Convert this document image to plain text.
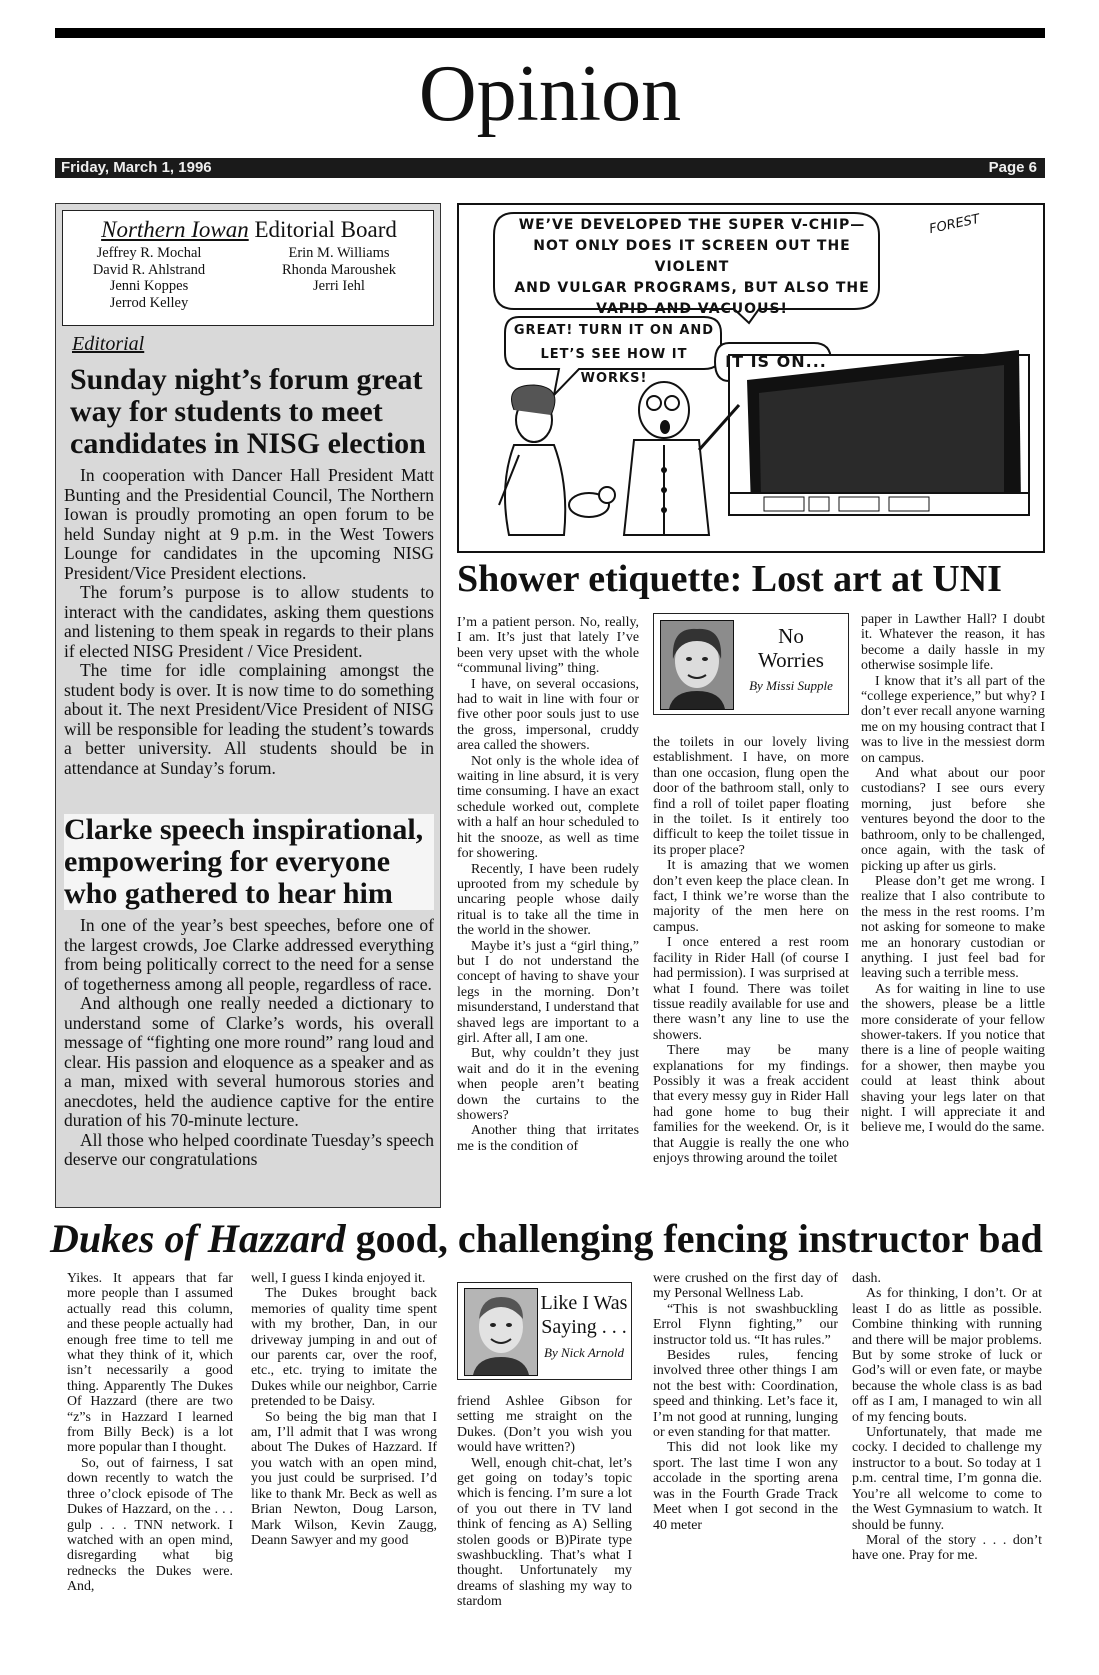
Opinion
Friday, March 1, 1996	Page 6
Northern Iowan Editorial Board
Jeffrey R. Mochal
David R. Ahlstrand
Jenni Koppes
Jerrod Kelley
Erin M. Williams
Rhonda Maroushek
Jerri Iehl
Editorial
Sunday night’s forum great way for students to meet candidates in NISG election

In cooperation with Dancer Hall President Matt Bunting and the Presidential Council, The Northern Iowan is proudly promoting an open forum to be held Sunday night at 9 p.m. in the West Towers Lounge for candidates in the upcoming NISG President/Vice President elections.

The forum’s purpose is to allow students to interact with the candidates, asking them questions and listening to them speak in regards to their plans if elected NISG President / Vice President.

The time for idle complaining amongst the student body is over. It is now time to do something about it. The next President/Vice President of NISG will be responsible for leading the student’s towards a better university. All students should be in attendance at Sunday’s forum.

Clarke speech inspirational, empowering for everyone who gathered to hear him

In one of the year’s best speeches, before one of the largest crowds, Joe Clarke addressed everything from being politically correct to the need for a sense of togetherness among all people, regardless of race.

And although one really needed a dictionary to understand some of Clarke’s words, his overall message of “fighting one more round” rang loud and clear. His passion and eloquence as a speaker and as a man, mixed with several humorous stories and anecdotes, held the audience captive for the entire duration of his 70-minute lecture.

All those who helped coordinate Tuesday’s speech deserve our congratulations

WE’VE DEVELOPED THE SUPER V-CHIP—
NOT ONLY DOES IT SCREEN OUT THE VIOLENT
AND VULGAR PROGRAMS, BUT ALSO THE
VAPID AND VACUOUS!
GREAT! TURN IT ON AND
LET’S SEE HOW IT WORKS!
IT IS ON...
FOREST
Shower etiquette: Lost art at UNI

I’m a patient person. No, really, I am. It’s just that lately I’ve been very upset with the whole “communal living” thing.

I have, on several occasions, had to wait in line with four or five other poor souls just to use the gross, impersonal, cruddy area called the showers.

Not only is the whole idea of waiting in line absurd, it is very time consuming. I have an exact schedule worked out, complete with a half an hour scheduled to hit the snooze, as well as time for showering.

Recently, I have been rudely uprooted from my schedule by uncaring people whose daily ritual is to take all the time in the world in the shower.

Maybe it’s just a “girl thing,” but I do not understand the concept of having to shave your legs in the morning. Don’t misunderstand, I understand that shaved legs are important to a girl. After all, I am one.

But, why couldn’t they just wait and do it in the evening when people aren’t beating down the curtains to the showers?

Another thing that irritates me is the condition of

No
Worries
By Missi Supple

the toilets in our lovely living establishment. I have, on more than one occasion, flung open the door of the bathroom stall, only to find a roll of toilet paper floating in the toilet. Is it entirely too difficult to keep the toilet tissue in its proper place?

It is amazing that we women don’t even keep the place clean. In fact, I think we’re worse than the majority of the men here on campus.

I once entered a rest room facility in Rider Hall (of course I had permission). I was surprised at what I found. There was toilet tissue readily available for use and there wasn’t any line to use the showers.

There may be many explanations for my findings. Possibly it was a freak accident that every messy guy in Rider Hall had gone home to bug their families for the weekend. Or, is it that Auggie is really the one who enjoys throwing around the toilet

paper in Lawther Hall? I doubt it. Whatever the reason, it has become a daily hassle in my otherwise sosimple life.

I know that it’s all part of the “college experience,” but why? I don’t ever recall anyone warning me on my housing contract that I was to live in the messiest dorm on campus.

And what about our poor custodians? I see ours every morning, just before she ventures beyond the door to the bathroom, only to be challenged, once again, with the task of picking up after us girls.

Please don’t get me wrong. I realize that I also contribute to the mess in the rest rooms. I’m not asking for someone to make me an honorary custodian or anything. I just feel bad for leaving such a terrible mess.

As for waiting in line to use the showers, please be a little more considerate of your fellow shower-takers. If you notice that there is a line of people waiting for a shower, then maybe you could at least think about shaving your legs later on that night. I will appreciate it and believe me, I would do the same.

Dukes of Hazzard good, challenging fencing instructor bad

Yikes. It appears that far more people than I assumed actually read this column, and these people actually had enough free time to tell me what they think of it, which isn’t necessarily a good thing. Apparently The Dukes Of Hazzard (there are two “z”s in Hazzard I learned from Billy Beck) is a lot more popular than I thought.

So, out of fairness, I sat down recently to watch the three o’clock episode of The Dukes of Hazzard, on the . . . gulp . . . TNN network. I watched with an open mind, disregarding what big rednecks the Dukes were. And,

well, I guess I kinda enjoyed it.

The Dukes brought back memories of quality time spent with my brother, Dan, in our driveway jumping in and out of our parents car, over the roof, etc., etc. trying to imitate the Dukes while our neighbor, Carrie pretended to be Daisy.

So being the big man that I am, I’ll admit that I was wrong about The Dukes of Hazzard. If you watch with an open mind, you just could be surprised. I’d like to thank Mr. Beck as well as Brian Newton, Doug Larson, Mark Wilson, Kevin Zaugg, Deann Sawyer and my good

Like I Was
Saying . . .
By Nick Arnold

friend Ashlee Gibson for setting me straight on the Dukes. (Don’t you wish you would have written?)

Well, enough chit-chat, let’s get going on today’s topic which is fencing. I’m sure a lot of you out there in TV land think of fencing as A) Selling stolen goods or B)Pirate type swashbuckling. That’s what I thought. Unfortunately my dreams of slashing my way to stardom

were crushed on the first day of my Personal Wellness Lab.

“This is not swashbuckling Errol Flynn fighting,” our instructor told us. “It has rules.”

Besides rules, fencing involved three other things I am not the best with: Coordination, speed and thinking. Let’s face it, I’m not good at running, lunging or even standing for that matter.

This did not look like my sport. The last time I won any accolade in the sporting arena was in the Fourth Grade Track Meet when I got second in the 40 meter

dash.

As for thinking, I don’t. Or at least I do as little as possible. Combine thinking with running and there will be major problems. But by some stroke of luck or God’s will or even fate, or maybe because the whole class is as bad off as I am, I managed to win all of my fencing bouts.

Unfortunately, that made me cocky. I decided to challenge my instructor to a bout. So today at 1 p.m. central time, I’m gonna die. You’re all welcome to come to the West Gymnasium to watch. It should be funny.

Moral of the story . . . don’t have one. Pray for me.
